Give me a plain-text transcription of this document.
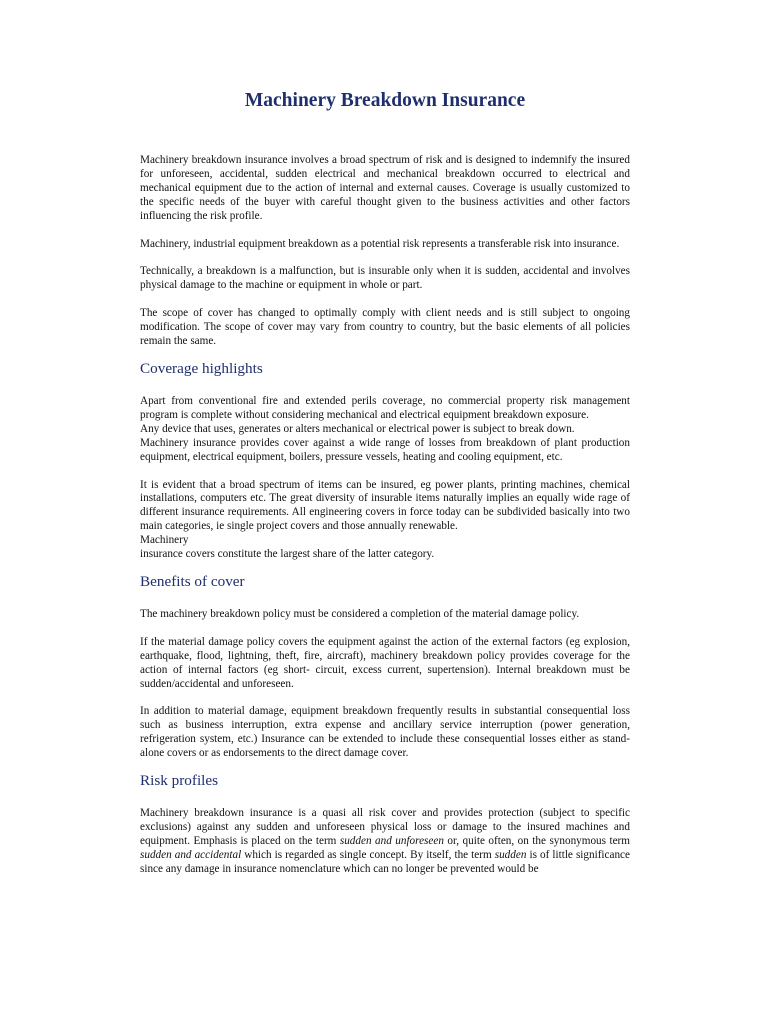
Machinery Breakdown Insurance

Machinery breakdown insurance involves a broad spectrum of risk and is designed to indemnify the insured for unforeseen, accidental, sudden electrical and mechanical breakdown occurred to electrical and mechanical equipment due to the action of internal and external causes. Coverage is usually customized to the specific needs of the buyer with careful thought given to the business activities and other factors influencing the risk profile.

Machinery, industrial equipment breakdown as a potential risk represents a transferable risk into insurance.

Technically, a breakdown is a malfunction, but is insurable only when it is sudden, accidental and involves physical damage to the machine or equipment in whole or part.

The scope of cover has changed to optimally comply with client needs and is still subject to ongoing modification. The scope of cover may vary from country to country, but the basic elements of all policies remain the same.

Coverage highlights

Apart from conventional fire and extended perils coverage, no commercial property risk management program is complete without considering mechanical and electrical equipment breakdown exposure.
Any device that uses, generates or alters mechanical or electrical power is subject to break down.
Machinery insurance provides cover against a wide range of losses from breakdown of plant production equipment, electrical equipment, boilers, pressure vessels, heating and cooling equipment, etc.

It is evident that a broad spectrum of items can be insured, eg power plants, printing machines, chemical installations, computers etc. The great diversity of insurable items naturally implies an equally wide rage of different insurance requirements. All engineering covers in force today can be subdivided basically into two main categories, ie single project covers and those annually renewable.
Machinery
insurance covers constitute the largest share of the latter category.

Benefits of cover

The machinery breakdown policy must be considered a completion of the material damage policy.

If the material damage policy covers the equipment against the action of the external factors (eg explosion, earthquake, flood, lightning, theft, fire, aircraft), machinery breakdown policy provides coverage for the action of internal factors (eg short- circuit, excess current, supertension). Internal breakdown must be sudden/accidental and unforeseen.

In addition to material damage, equipment breakdown frequently results in substantial consequential loss such as business interruption, extra expense and ancillary service interruption (power generation, refrigeration system, etc.) Insurance can be extended to include these consequential losses either as stand-alone covers or as endorsements to the direct damage cover.

Risk profiles

Machinery breakdown insurance is a quasi all risk cover and provides protection (subject to specific exclusions) against any sudden and unforeseen physical loss or damage to the insured machines and equipment. Emphasis is placed on the term sudden and unforeseen or, quite often, on the synonymous term sudden and accidental which is regarded as single concept. By itself, the term sudden is of little significance since any damage in insurance nomenclature which can no longer be prevented would be
